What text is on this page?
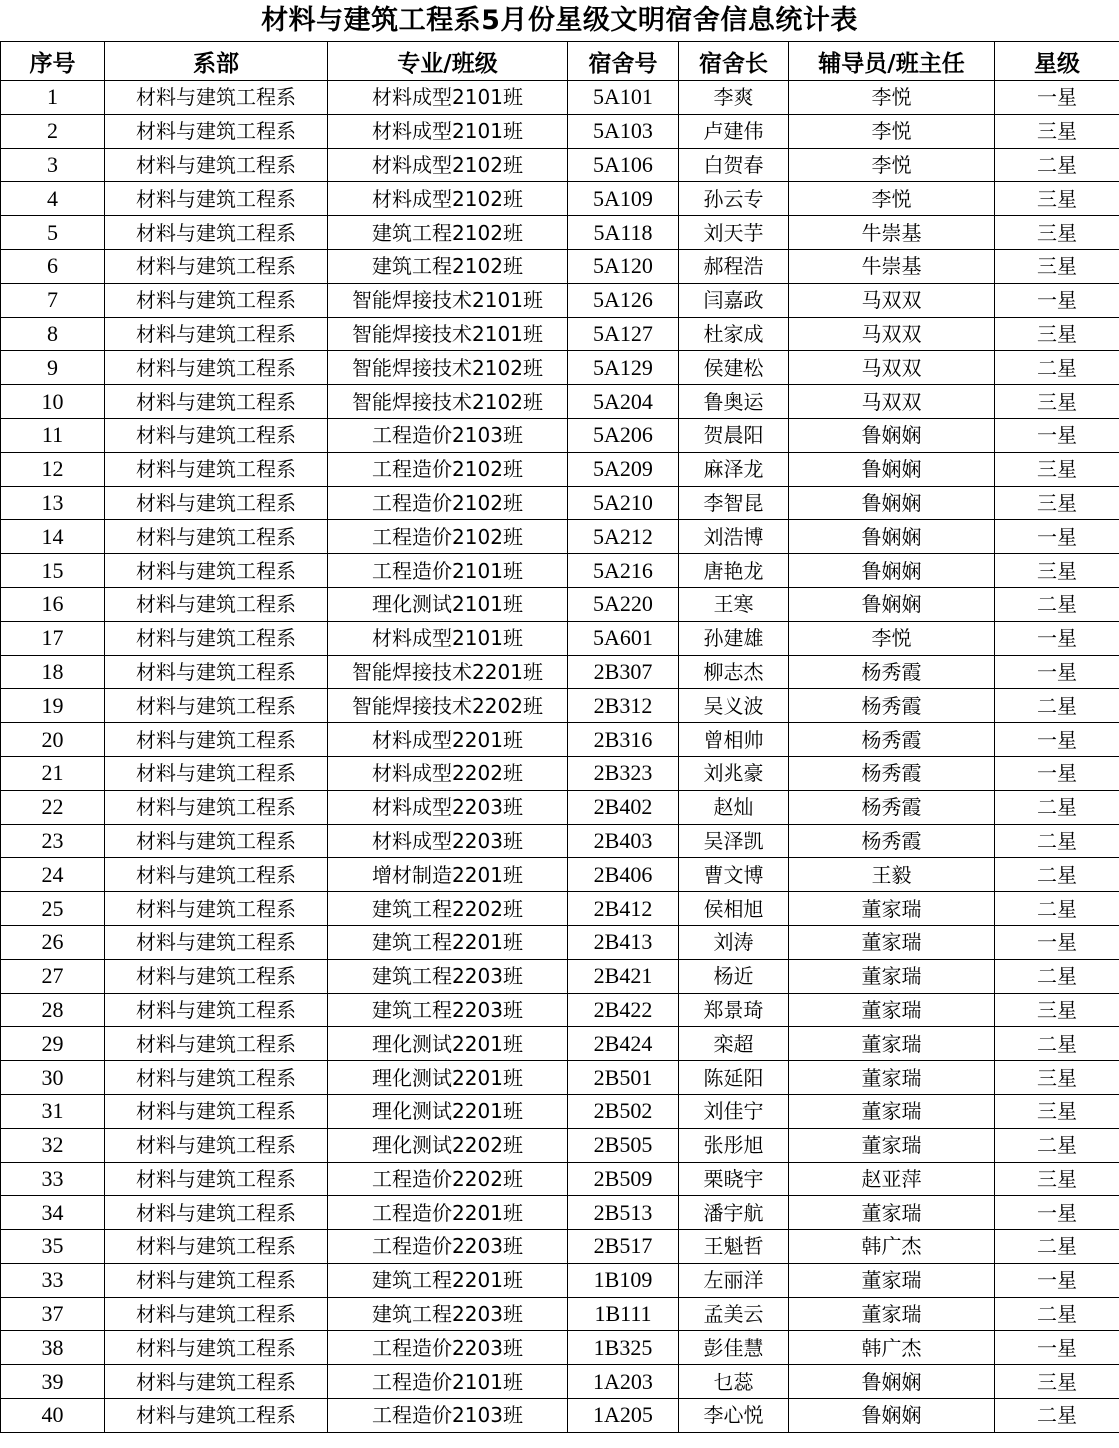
材料与建筑工程系5月份星级文明宿舍信息统计表
序号	系部	专业/班级	宿舍号	宿舍长	辅导员/班主任	星级
1	材料与建筑工程系	材料成型2101班	5A101	李爽	李悦	一星
2	材料与建筑工程系	材料成型2101班	5A103	卢建伟	李悦	三星
3	材料与建筑工程系	材料成型2102班	5A106	白贺春	李悦	二星
4	材料与建筑工程系	材料成型2102班	5A109	孙云专	李悦	三星
5	材料与建筑工程系	建筑工程2102班	5A118	刘天芋	牛崇基	三星
6	材料与建筑工程系	建筑工程2102班	5A120	郝程浩	牛崇基	三星
7	材料与建筑工程系	智能焊接技术2101班	5A126	闫嘉政	马双双	一星
8	材料与建筑工程系	智能焊接技术2101班	5A127	杜家成	马双双	三星
9	材料与建筑工程系	智能焊接技术2102班	5A129	侯建松	马双双	二星
10	材料与建筑工程系	智能焊接技术2102班	5A204	鲁奥运	马双双	三星
11	材料与建筑工程系	工程造价2103班	5A206	贺晨阳	鲁娴娴	一星
12	材料与建筑工程系	工程造价2102班	5A209	麻泽龙	鲁娴娴	三星
13	材料与建筑工程系	工程造价2102班	5A210	李智昆	鲁娴娴	三星
14	材料与建筑工程系	工程造价2102班	5A212	刘浩博	鲁娴娴	一星
15	材料与建筑工程系	工程造价2101班	5A216	唐艳龙	鲁娴娴	三星
16	材料与建筑工程系	理化测试2101班	5A220	王寒	鲁娴娴	二星
17	材料与建筑工程系	材料成型2101班	5A601	孙建雄	李悦	一星
18	材料与建筑工程系	智能焊接技术2201班	2B307	柳志杰	杨秀霞	一星
19	材料与建筑工程系	智能焊接技术2202班	2B312	吴义波	杨秀霞	二星
20	材料与建筑工程系	材料成型2201班	2B316	曾相帅	杨秀霞	一星
21	材料与建筑工程系	材料成型2202班	2B323	刘兆豪	杨秀霞	一星
22	材料与建筑工程系	材料成型2203班	2B402	赵灿	杨秀霞	二星
23	材料与建筑工程系	材料成型2203班	2B403	吴泽凯	杨秀霞	二星
24	材料与建筑工程系	增材制造2201班	2B406	曹文博	王毅	二星
25	材料与建筑工程系	建筑工程2202班	2B412	侯相旭	董家瑞	二星
26	材料与建筑工程系	建筑工程2201班	2B413	刘涛	董家瑞	一星
27	材料与建筑工程系	建筑工程2203班	2B421	杨近	董家瑞	二星
28	材料与建筑工程系	建筑工程2203班	2B422	郑景琦	董家瑞	三星
29	材料与建筑工程系	理化测试2201班	2B424	栾超	董家瑞	二星
30	材料与建筑工程系	理化测试2201班	2B501	陈延阳	董家瑞	三星
31	材料与建筑工程系	理化测试2201班	2B502	刘佳宁	董家瑞	三星
32	材料与建筑工程系	理化测试2202班	2B505	张彤旭	董家瑞	二星
33	材料与建筑工程系	工程造价2202班	2B509	栗晓宇	赵亚萍	三星
34	材料与建筑工程系	工程造价2201班	2B513	潘宇航	董家瑞	一星
35	材料与建筑工程系	工程造价2203班	2B517	王魁哲	韩广杰	二星
33	材料与建筑工程系	建筑工程2201班	1B109	左丽洋	董家瑞	一星
37	材料与建筑工程系	建筑工程2203班	1B111	孟美云	董家瑞	二星
38	材料与建筑工程系	工程造价2203班	1B325	彭佳慧	韩广杰	一星
39	材料与建筑工程系	工程造价2101班	1A203	乜蕊	鲁娴娴	三星
40	材料与建筑工程系	工程造价2103班	1A205	李心悦	鲁娴娴	二星
